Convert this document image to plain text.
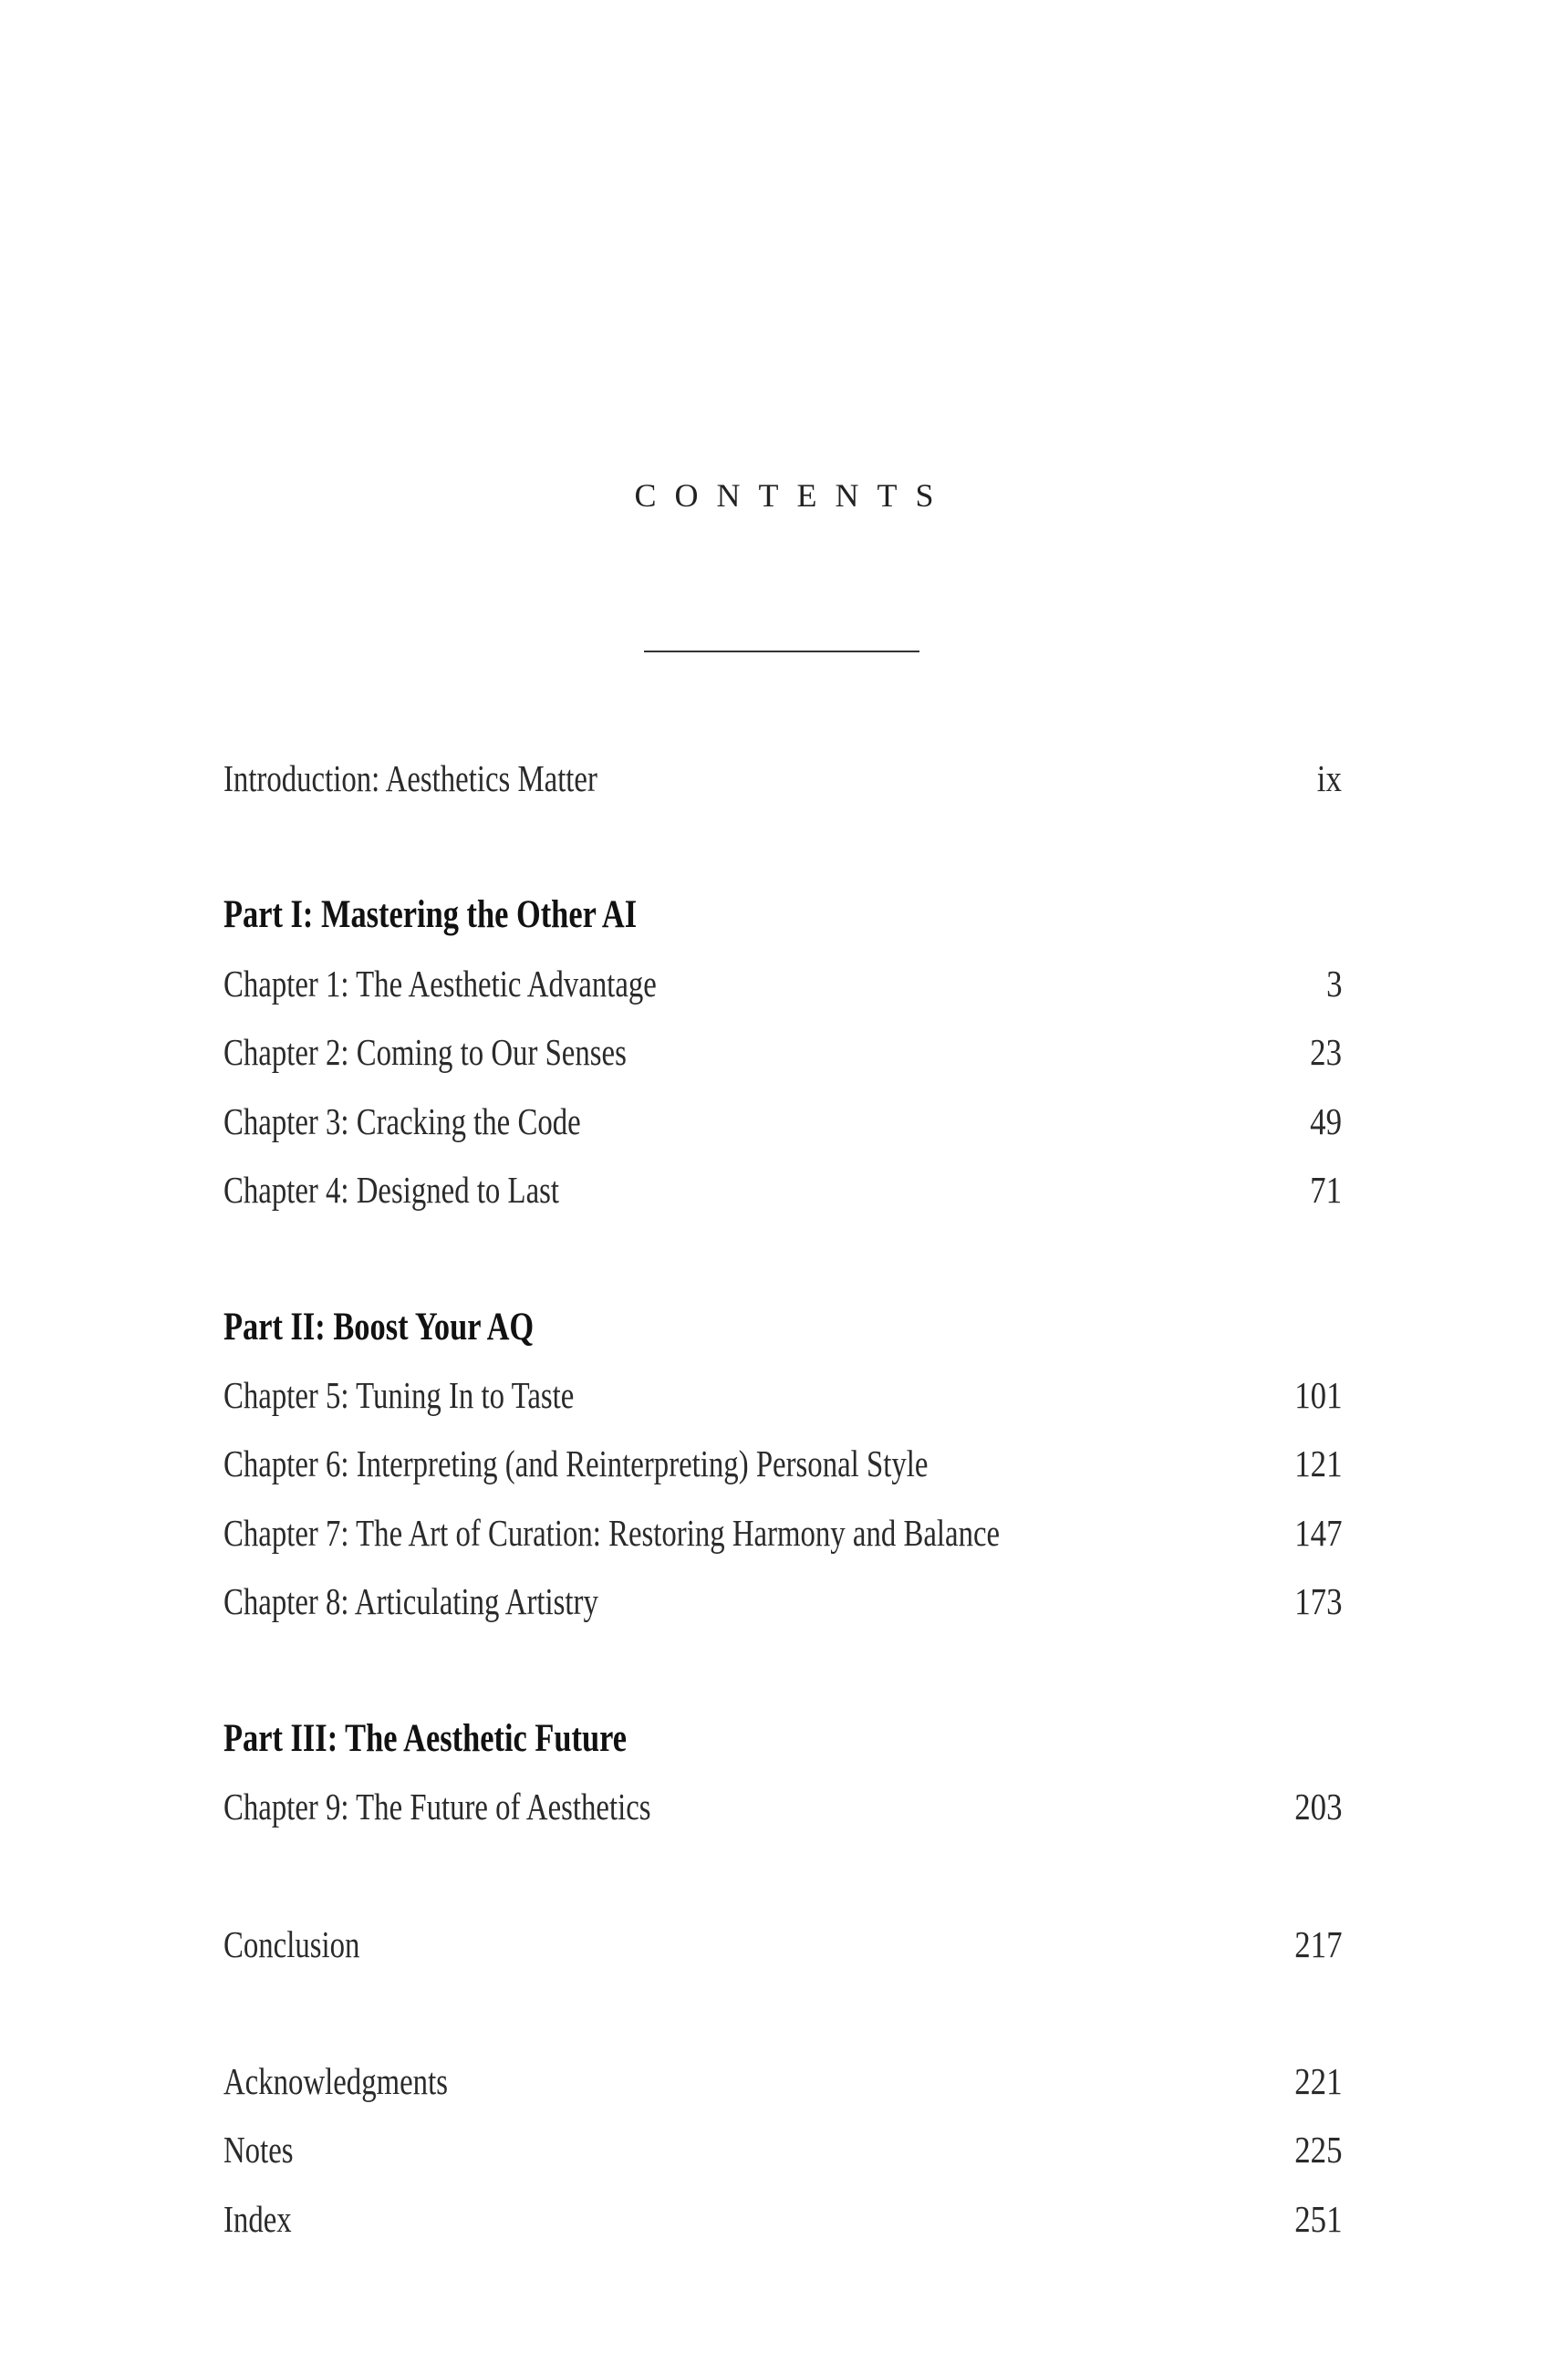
CONTENTS
Introduction: Aesthetics Matter	ix
Part I: Mastering the Other AI
Chapter 1: The Aesthetic Advantage	3
Chapter 2: Coming to Our Senses	23
Chapter 3: Cracking the Code	49
Chapter 4: Designed to Last	71
Part II: Boost Your AQ
Chapter 5: Tuning In to Taste	101
Chapter 6: Interpreting (and Reinterpreting) Personal Style	121
Chapter 7: The Art of Curation: Restoring Harmony and Balance	147
Chapter 8: Articulating Artistry	173
Part III: The Aesthetic Future
Chapter 9: The Future of Aesthetics	203
Conclusion	217
Acknowledgments	221
Notes	225
Index	251
